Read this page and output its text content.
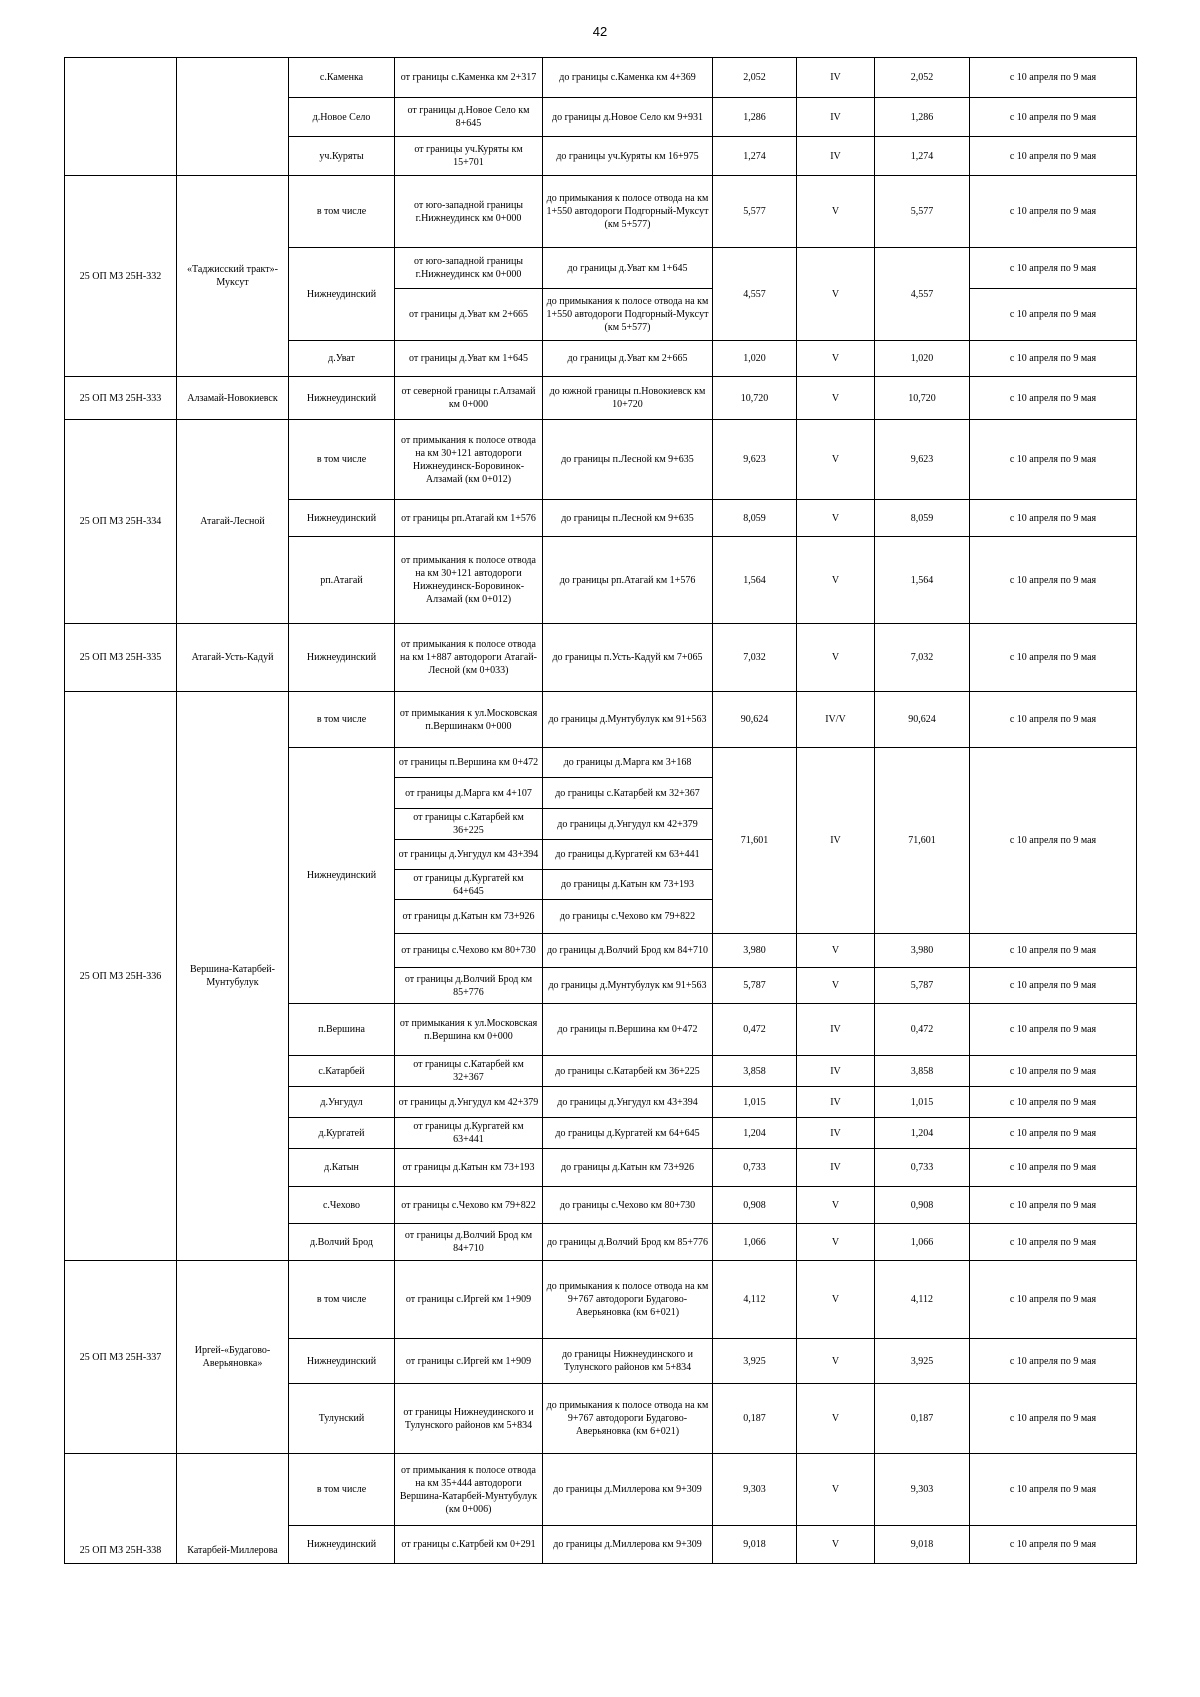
42
		с.Каменка	от границы с.Каменка км 2+317	до границы с.Каменка км 4+369	2,052	IV	2,052	с 10 апреля по 9 мая
		д.Новое Село	от границы д.Новое Село км 8+645	до границы д.Новое Село км 9+931	1,286	IV	1,286	с 10 апреля по 9 мая
		уч.Куряты	от границы уч.Куряты км 15+701	до границы уч.Куряты км 16+975	1,274	IV	1,274	с 10 апреля по 9 мая
25 ОП МЗ 25Н-332	«Таджиcский тракт»-Мукcут	в том числе	от юго-западной границы г.Нижнеудинск км 0+000	до примыкания к полосе отвода на км 1+550 автодороги Подгорный-Мукcут (км 5+577)	5,577	V	5,577	с 10 апреля по 9 мая
		Нижнеудинский	от юго-западной границы г.Нижнеудинск км 0+000	до границы д.Уват км 1+645	4,557	V	4,557	с 10 апреля по 9 мая
			от границы д.Уват км 2+665	до примыкания к полосе отвода на км 1+550 автодороги Подгорный-Мукcут (км 5+577)				с 10 апреля по 9 мая
		д.Уват	от границы д.Уват км 1+645	до границы д.Уват км 2+665	1,020	V	1,020	с 10 апреля по 9 мая
25 ОП МЗ 25Н-333	Алзамай-Новокиевск	Нижнеудинский	от северной границы г.Алзамай км 0+000	до южной границы п.Новокиевск км 10+720	10,720	V	10,720	с 10 апреля по 9 мая
25 ОП МЗ 25Н-334	Атагай-Лесной	в том числе	от примыкания к полосе отвода на км 30+121 автодороги Нижнеудинск-Боровинок-Алзамай (км 0+012)	до границы п.Лесной км 9+635	9,623	V	9,623	с 10 апреля по 9 мая
		Нижнеудинский	от границы рп.Атагай км 1+576	до границы п.Лесной км 9+635	8,059	V	8,059	с 10 апреля по 9 мая
		рп.Атагай	от примыкания к полосе отвода на км 30+121 автодороги Нижнеудинск-Боровинок-Алзамай (км 0+012)	до границы рп.Атагай км 1+576	1,564	V	1,564	с 10 апреля по 9 мая
25 ОП МЗ 25Н-335	Атагай-Усть-Кадуй	Нижнеудинский	от примыкания к полосе отвода на км 1+887 автодороги Атагай-Лесной (км 0+033)	до границы п.Усть-Кадуй км 7+065	7,032	V	7,032	с 10 апреля по 9 мая
25 ОП МЗ 25Н-336	Вершина-Катарбей-Мунтубулук	в том числе	от примыкания к ул.Московская п.Вершинакм 0+000	до границы д.Мунтубулук км 91+563	90,624	IV/V	90,624	с 10 апреля по 9 мая
		Нижнеудинский	от границы п.Вершина км 0+472	до границы д.Марга км 3+168	71,601	IV	71,601	с 10 апреля по 9 мая
			от границы д.Марга км 4+107	до границы с.Катарбей км 32+367				
			от границы с.Катарбей км 36+225	до границы д.Унгудул км 42+379				
			от границы д.Унгудул км 43+394	до границы д.Кургатей км 63+441				
			от границы д.Кургатей км 64+645	до границы д.Катын км 73+193				
			от границы д.Катын км 73+926	до границы с.Чехово км 79+822				
			от границы с.Чехово км 80+730	до границы д.Волчий Брод км 84+710	3,980	V	3,980	с 10 апреля по 9 мая
			от границы д.Волчий Брод км 85+776	до границы д.Мунтубулук км 91+563	5,787	V	5,787	с 10 апреля по 9 мая
		п.Вершина	от примыкания к ул.Московская п.Вершина км 0+000	до границы п.Вершина км 0+472	0,472	IV	0,472	с 10 апреля по 9 мая
		с.Катарбей	от границы с.Катарбей км 32+367	до границы с.Катарбей км 36+225	3,858	IV	3,858	с 10 апреля по 9 мая
		д.Унгудул	от границы д.Унгудул км 42+379	до границы д.Унгудул км 43+394	1,015	IV	1,015	с 10 апреля по 9 мая
		д.Кургатей	от границы д.Кургатей км 63+441	до границы д.Кургатей км 64+645	1,204	IV	1,204	с 10 апреля по 9 мая
		д.Катын	от границы д.Катын км 73+193	до границы д.Катын км 73+926	0,733	IV	0,733	с 10 апреля по 9 мая
		с.Чехово	от границы с.Чехово км 79+822	до границы с.Чехово км 80+730	0,908	V	0,908	с 10 апреля по 9 мая
		д.Волчий Брод	от границы д.Волчий Брод км 84+710	до границы д.Волчий Брод км 85+776	1,066	V	1,066	с 10 апреля по 9 мая
25 ОП МЗ 25Н-337	Иргей-«Будагово-Аверьяновка»	в том числе	от границы с.Иргей км 1+909	до примыкания к полосе отвода на км 9+767 автодороги Будагово-Аверьяновка (км 6+021)	4,112	V	4,112	с 10 апреля по 9 мая
		Нижнеудинский	от границы с.Иргей км 1+909	до границы Нижнеудинского и Тулунского районов км 5+834	3,925	V	3,925	с 10 апреля по 9 мая
		Тулунский	от границы Нижнеудинского и Тулунского районов км 5+834	до примыкания к полосе отвода на км 9+767 автодороги Будагово-Аверьяновка (км 6+021)	0,187	V	0,187	с 10 апреля по 9 мая
25 ОП МЗ 25Н-338	Катарбей-Миллерова	в том числе	от примыкания к полосе отвода на км 35+444 автодороги Вершина-Катарбей-Мунтубулук (км 0+006)	до границы д.Миллерова км 9+309	9,303	V	9,303	с 10 апреля по 9 мая
		Нижнеудинский	от границы с.Катрбей км 0+291	до границы д.Миллерова км 9+309	9,018	V	9,018	с 10 апреля по 9 мая
